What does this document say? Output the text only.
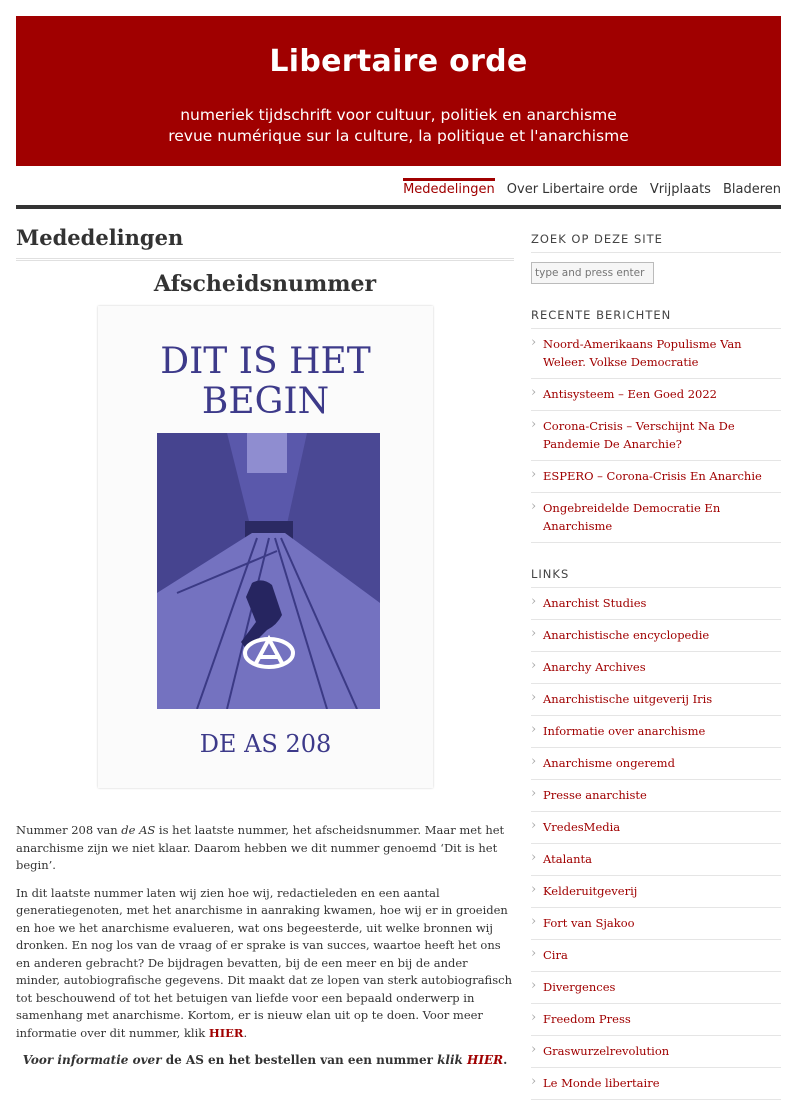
Libertaire orde
numeriek tijdschrift voor cultuur, politiek en anarchisme
revue numérique sur la culture, la politique et l'anarchisme
Mededelingen Over Libertaire orde Vrijplaats Bladeren
Mededelingen
Afscheidsnummer
DIT IS HET
BEGIN
DE AS 208

Nummer 208 van de AS is het laatste nummer, het afscheidsnummer. Maar met het anarchisme zijn we niet klaar. Daarom hebben we dit nummer genoemd ‘Dit is het begin’.

In dit laatste nummer laten wij zien hoe wij, redactieleden en een aantal generatiegenoten, met het anarchisme in aanraking kwamen, hoe wij er in groeiden en hoe we het anarchisme evalueren, wat ons begeesterde, uit welke bronnen wij dronken. En nog los van de vraag of er sprake is van succes, waartoe heeft het ons en anderen gebracht? De bijdragen bevatten, bij de een meer en bij de ander minder, autobiografische gegevens. Dit maakt dat ze lopen van sterk autobiografisch tot beschouwend of tot het betuigen van liefde voor een bepaald onderwerp in samenhang met anarchisme. Kortom, er is nieuw elan uit op te doen. Voor meer informatie over dit nummer, klik HIER.

Voor informatie over de AS en het bestellen van een nummer klik HIER.

ZOEK OP DEZE SITE
type and press enter
RECENTE BERICHTEN
› Noord-Amerikaans Populisme Van Weleer. Volkse Democratie
› Antisysteem – Een Goed 2022
› Corona-Crisis – Verschijnt Na De Pandemie De Anarchie?
› ESPERO – Corona-Crisis En Anarchie
› Ongebreidelde Democratie En Anarchisme
LINKS
› Anarchist Studies
› Anarchistische encyclopedie
› Anarchy Archives
› Anarchistische uitgeverij Iris
› Informatie over anarchisme
› Anarchisme ongeremd
› Presse anarchiste
› VredesMedia
› Atalanta
› Kelderuitgeverij
› Fort van Sjakoo
› Cira
› Divergences
› Freedom Press
› Graswurzelrevolution
› Le Monde libertaire
